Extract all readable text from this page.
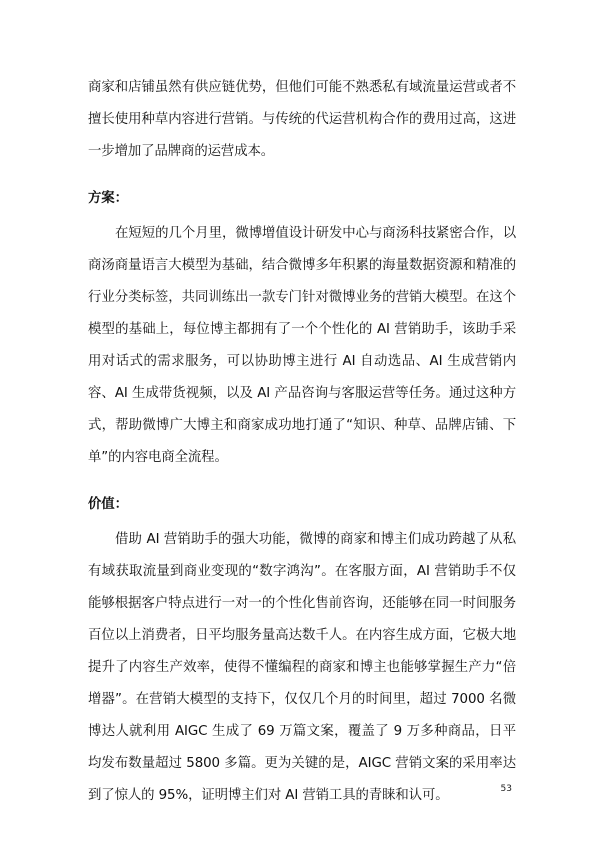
商家和店铺虽然有供应链优势，但他们可能不熟悉私有域流量运营或者不擅长使用种草内容进行营销。与传统的代运营机构合作的费用过高，这进一步增加了品牌商的运营成本。

方案：

在短短的几个月里，微博增值设计研发中心与商汤科技紧密合作，以商汤商量语言大模型为基础，结合微博多年积累的海量数据资源和精准的行业分类标签，共同训练出一款专门针对微博业务的营销大模型。在这个模型的基础上，每位博主都拥有了一个个性化的 AI 营销助手，该助手采用对话式的需求服务，可以协助博主进行 AI 自动选品、AI 生成营销内容、AI 生成带货视频，以及 AI 产品咨询与客服运营等任务。通过这种方式，帮助微博广大博主和商家成功地打通了“知识、种草、品牌店铺、下单”的内容电商全流程。

价值：

借助 AI 营销助手的强大功能，微博的商家和博主们成功跨越了从私有域获取流量到商业变现的“数字鸿沟”。在客服方面，AI 营销助手不仅能够根据客户特点进行一对一的个性化售前咨询，还能够在同一时间服务百位以上消费者，日平均服务量高达数千人。在内容生成方面，它极大地提升了内容生产效率，使得不懂编程的商家和博主也能够掌握生产力“倍增器”。在营销大模型的支持下，仅仅几个月的时间里，超过 7000 名微博达人就利用 AIGC 生成了 69 万篇文案，覆盖了 9 万多种商品，日平均发布数量超过 5800 多篇。更为关键的是，AIGC 营销文案的采用率达到了惊人的 95%，证明博主们对 AI 营销工具的青睐和认可。	53
